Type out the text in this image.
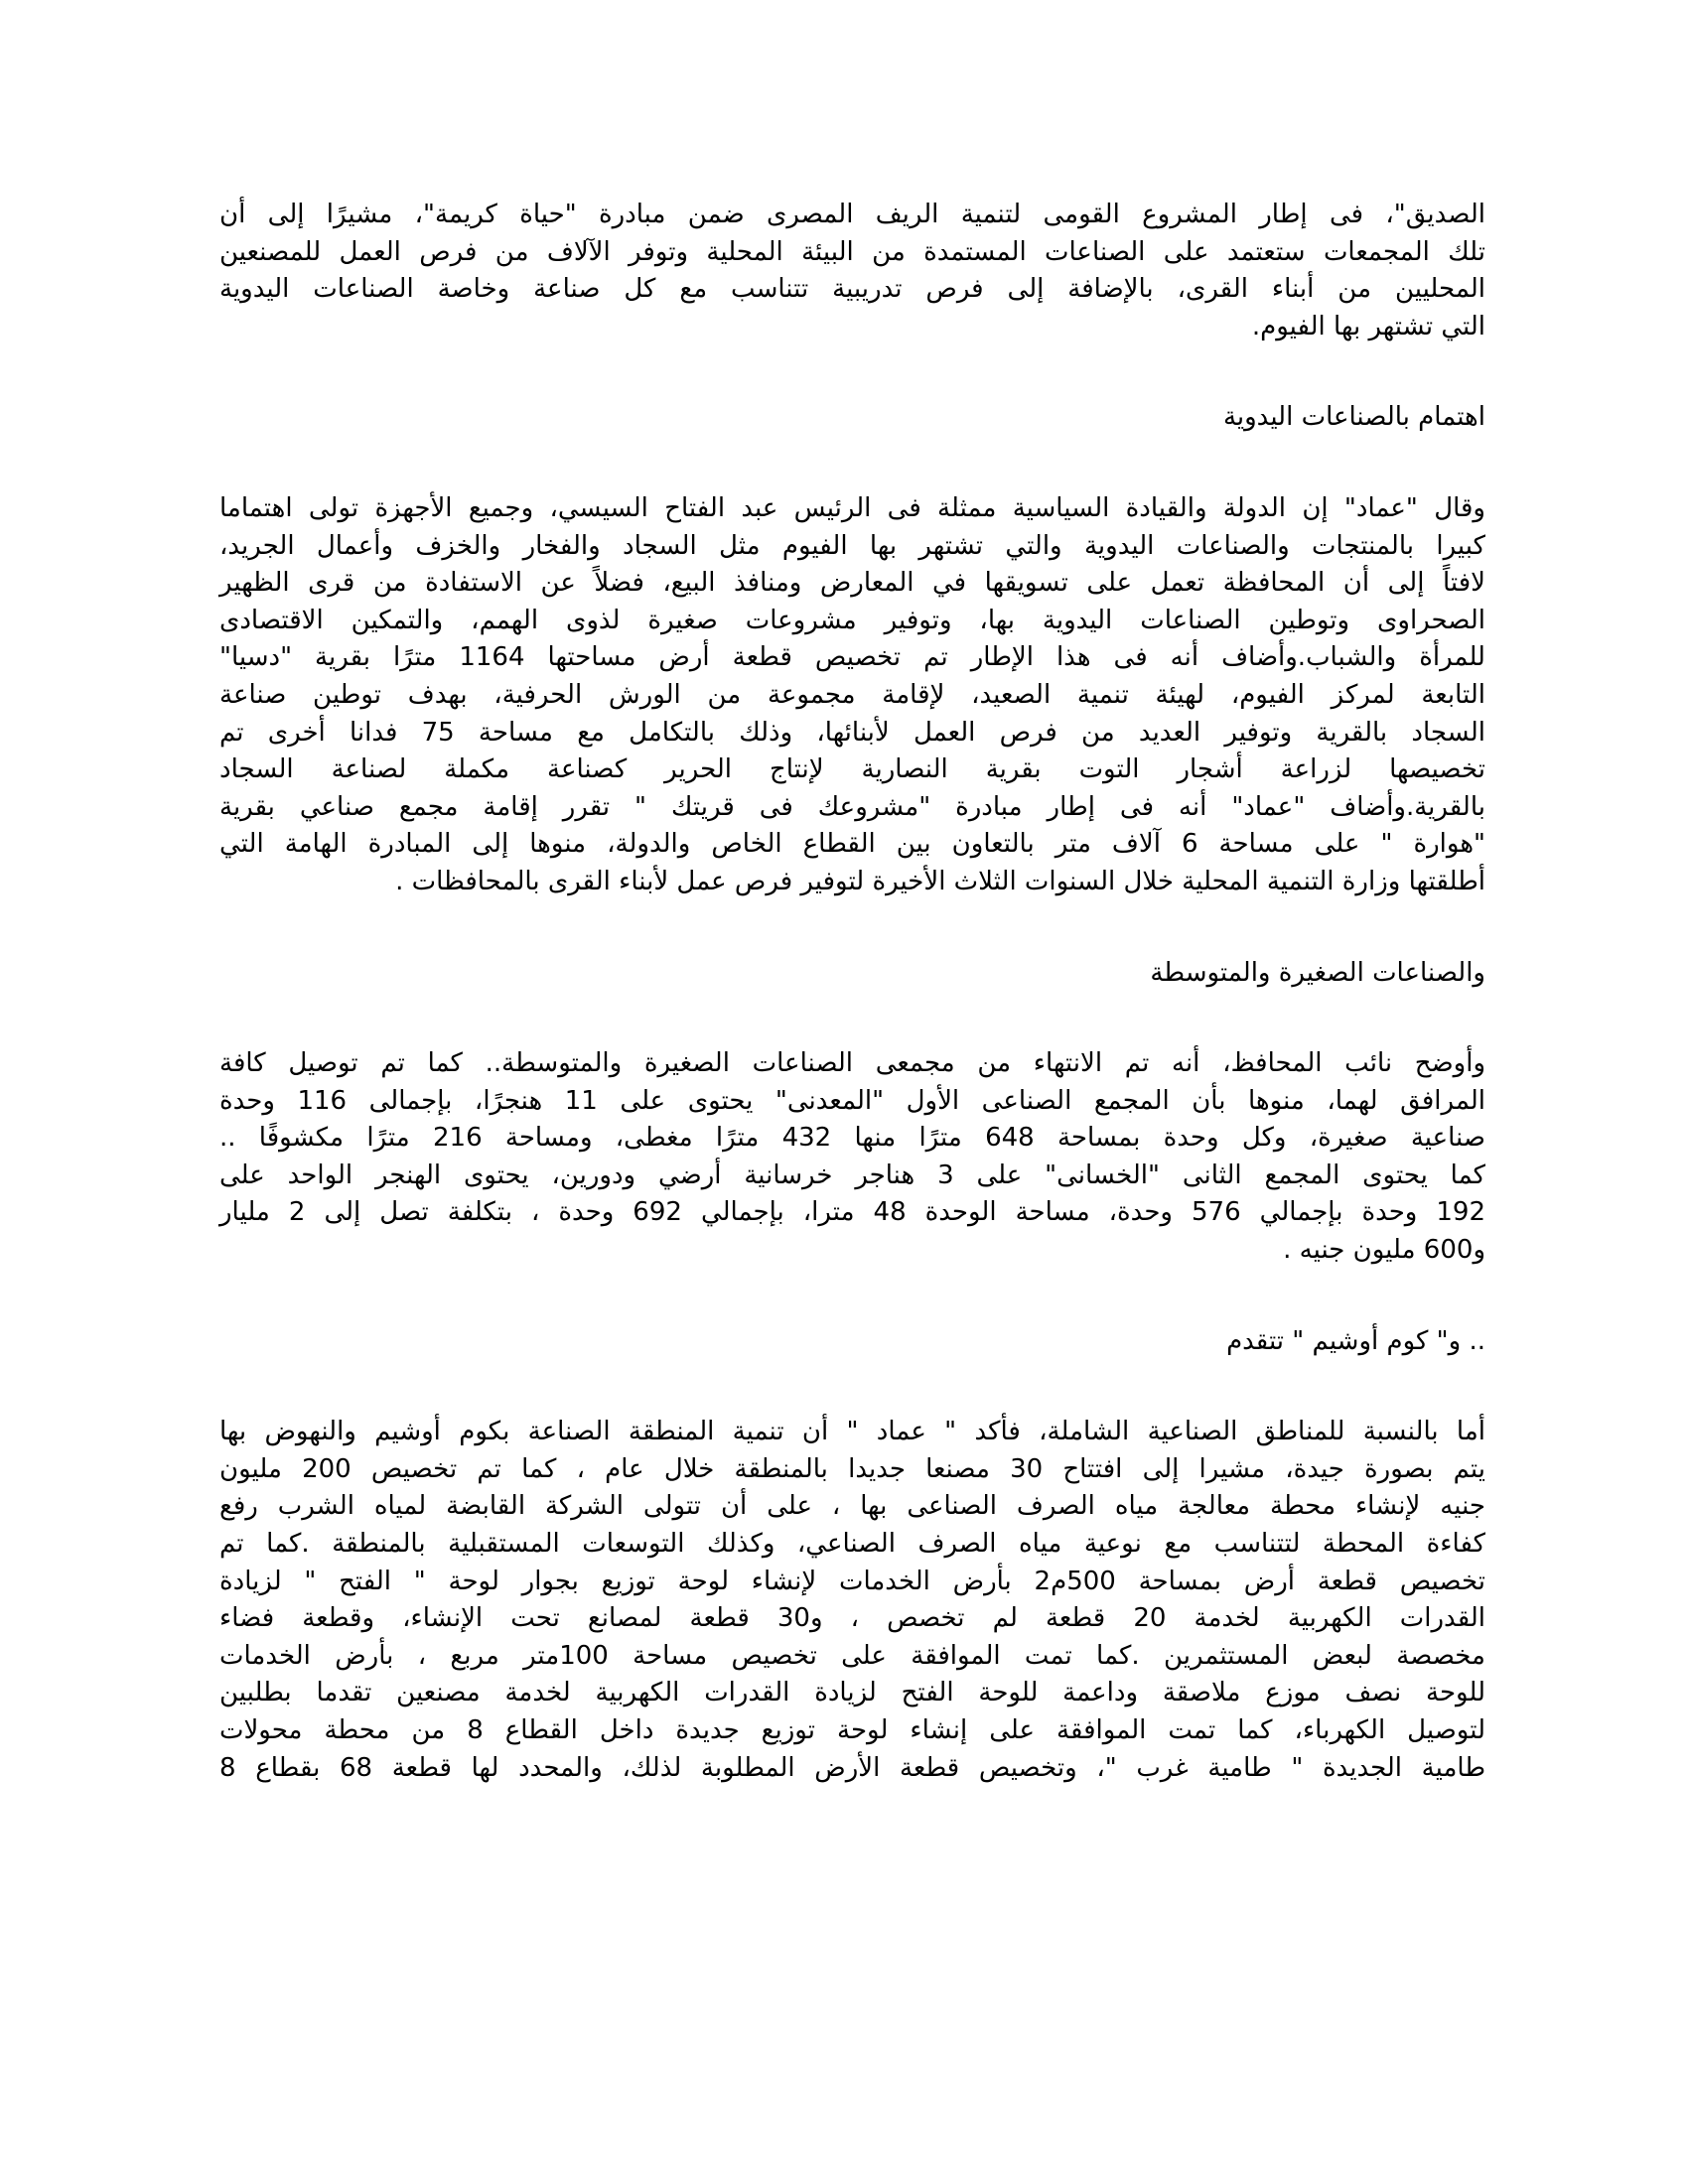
الصديق"، فى إطار المشروع القومى لتنمية الريف المصرى ضمن مبادرة "حياة كريمة"، مشيرًا إلى أن
تلك المجمعات ستعتمد على الصناعات المستمدة من البيئة المحلية وتوفر الآلاف من فرص العمل للمصنعين
المحليين من أبناء القرى، بالإضافة إلى فرص تدريبية تتناسب مع كل صناعة وخاصة الصناعات اليدوية
التي تشتهر بها الفيوم.
اهتمام بالصناعات اليدوية
وقال "عماد" إن الدولة والقيادة السياسية ممثلة فى الرئيس عبد الفتاح السيسي، وجميع الأجهزة تولى اهتماما
كبيرا بالمنتجات والصناعات اليدوية والتي تشتهر بها الفيوم مثل السجاد والفخار والخزف وأعمال الجريد،
لافتاً إلى أن المحافظة تعمل على تسويقها في المعارض ومنافذ البيع، فضلاً عن الاستفادة من قرى الظهير
الصحراوى وتوطين الصناعات اليدوية بها، وتوفير مشروعات صغيرة لذوى الهمم، والتمكين الاقتصادى
للمرأة والشباب.وأضاف أنه فى هذا الإطار تم تخصيص قطعة أرض مساحتها 1164 مترًا بقرية "دسيا"
التابعة لمركز الفيوم، لهيئة تنمية الصعيد، لإقامة مجموعة من الورش الحرفية، بهدف توطين صناعة
السجاد بالقرية وتوفير العديد من فرص العمل لأبنائها، وذلك بالتكامل مع مساحة 75 فدانا أخرى تم
تخصيصها لزراعة أشجار التوت بقرية النصارية لإنتاج الحرير كصناعة مكملة لصناعة السجاد
بالقرية.وأضاف "عماد" أنه فى إطار مبادرة "مشروعك فى قريتك " تقرر إقامة مجمع صناعي بقرية
"هوارة " على مساحة 6 آلاف متر بالتعاون بين القطاع الخاص والدولة، منوها إلى المبادرة الهامة التي
أطلقتها وزارة التنمية المحلية خلال السنوات الثلاث الأخيرة لتوفير فرص عمل لأبناء القرى بالمحافظات .
والصناعات الصغيرة والمتوسطة
وأوضح نائب المحافظ، أنه تم الانتهاء من مجمعى الصناعات الصغيرة والمتوسطة.. كما تم توصيل كافة
المرافق لهما، منوها بأن المجمع الصناعى الأول "المعدنى" يحتوى على 11 هنجرًا، بإجمالى 116 وحدة
صناعية صغيرة، وكل وحدة بمساحة 648 مترًا منها 432 مترًا مغطى، ومساحة 216 مترًا مكشوفًا ..
كما يحتوى المجمع الثانى "الخسانى" على 3 هناجر خرسانية أرضي ودورين، يحتوى الهنجر الواحد على
192 وحدة بإجمالي 576 وحدة، مساحة الوحدة 48 مترا، بإجمالي 692 وحدة ، بتكلفة تصل إلى 2 مليار
و600 مليون جنيه .
.. و" كوم أوشيم " تتقدم
أما بالنسبة للمناطق الصناعية الشاملة، فأكد " عماد " أن تنمية المنطقة الصناعة بكوم أوشيم والنهوض بها
يتم بصورة جيدة، مشيرا إلى افتتاح 30 مصنعا جديدا بالمنطقة خلال عام ، كما تم تخصيص 200 مليون
جنيه لإنشاء محطة معالجة مياه الصرف الصناعى بها ، على أن تتولى الشركة القابضة لمياه الشرب رفع
كفاءة المحطة لتتناسب مع نوعية مياه الصرف الصناعي، وكذلك التوسعات المستقبلية بالمنطقة .كما تم
تخصيص قطعة أرض بمساحة 500م2 بأرض الخدمات لإنشاء لوحة توزيع بجوار لوحة " الفتح " لزيادة
القدرات الكهربية لخدمة 20 قطعة لم تخصص ، و30 قطعة لمصانع تحت الإنشاء، وقطعة فضاء
مخصصة لبعض المستثمرين .كما تمت الموافقة على تخصيص مساحة 100متر مربع ، بأرض الخدمات
للوحة نصف موزع ملاصقة وداعمة للوحة الفتح لزيادة القدرات الكهربية لخدمة مصنعين تقدما بطلبين
لتوصيل الكهرباء، كما تمت الموافقة على إنشاء لوحة توزيع جديدة داخل القطاع 8 من محطة محولات
طامية الجديدة " طامية غرب "، وتخصيص قطعة الأرض المطلوبة لذلك، والمحدد لها قطعة 68 بقطاع 8
